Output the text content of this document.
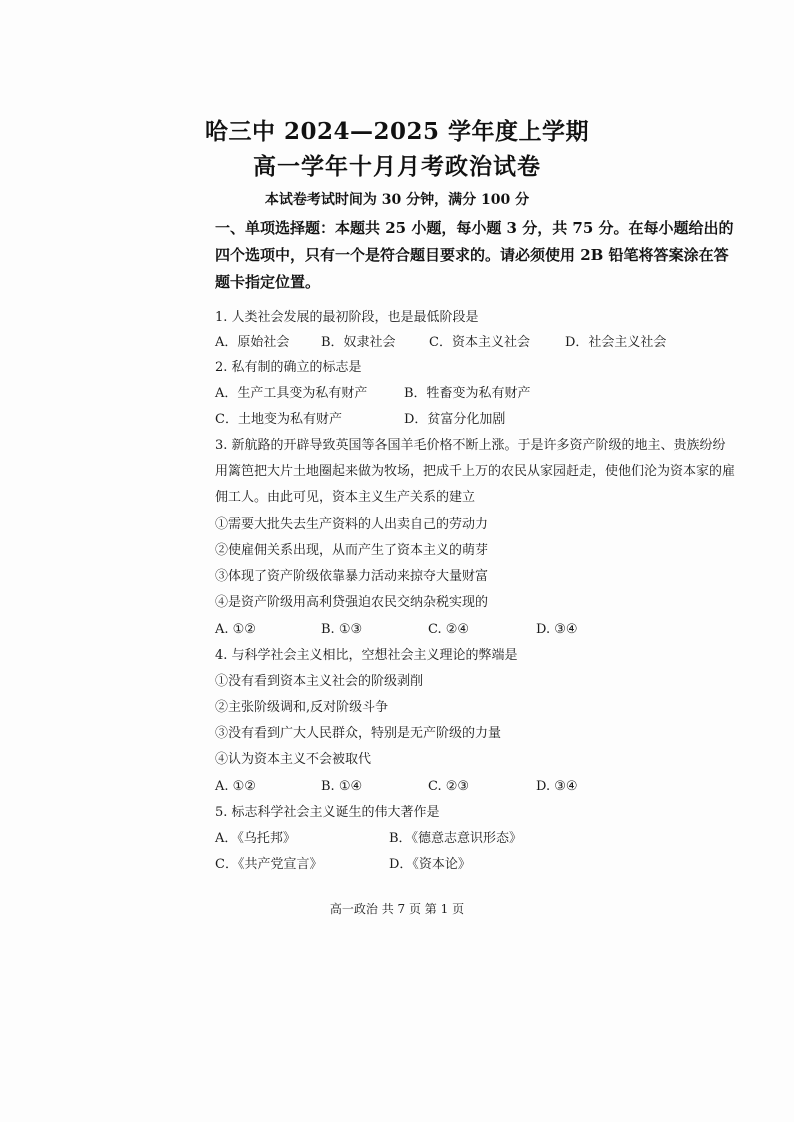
哈三中 2024—2025 学年度上学期
高一学年十月月考政治试卷
本试卷考试时间为 30 分钟，满分 100 分
一、单项选择题：本题共 25 小题，每小题 3 分，共 75 分。在每小题给出的四个选项中，只有一个是符合题目要求的。请必须使用 2B 铅笔将答案涂在答题卡指定位置。
1. 人类社会发展的最初阶段，也是最低阶段是
A．原始社会 B．奴隶社会	C．资本主义社会	D．社会主义社会
2. 私有制的确立的标志是
A．生产工具变为私有财产	B．牲畜变为私有财产
C．土地变为私有财产	D．贫富分化加剧
3. 新航路的开辟导致英国等各国羊毛价格不断上涨。于是许多资产阶级的地主、贵族纷纷用篱笆把大片土地圈起来做为牧场，把成千上万的农民从家园赶走，使他们沦为资本家的雇佣工人。由此可见，资本主义生产关系的建立
①需要大批失去生产资料的人出卖自己的劳动力
②使雇佣关系出现，从而产生了资本主义的萌芽
③体现了资产阶级依靠暴力活动来掠夺大量财富
④是资产阶级用高利贷强迫农民交纳杂税实现的
A. ①②	B. ①③	C. ②④	D. ③④
4. 与科学社会主义相比，空想社会主义理论的弊端是
①没有看到资本主义社会的阶级剥削
②主张阶级调和,反对阶级斗争
③没有看到广大人民群众，特别是无产阶级的力量
④认为资本主义不会被取代
A. ①②	B. ①④	C. ②③	D. ③④
5. 标志科学社会主义诞生的伟大著作是
A．《乌托邦》	B．《德意志意识形态》
C．《共产党宣言》	D．《资本论》
高一政治 共 7 页 第 1 页
